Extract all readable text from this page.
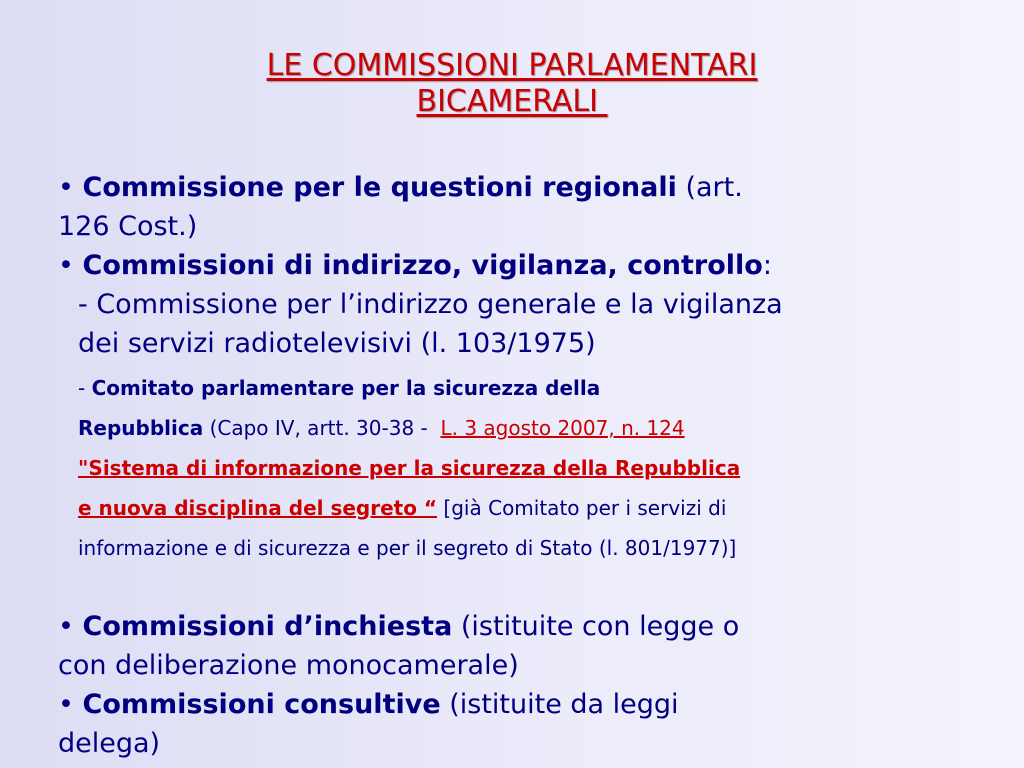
LE COMMISSIONI PARLAMENTARI
BICAMERALI
• Commissione per le questioni regionali (art.
126 Cost.)
• Commissioni di indirizzo, vigilanza, controllo:
- Commissione per l’indirizzo generale e la vigilanza
dei servizi radiotelevisivi (l. 103/1975)
- Comitato parlamentare per la sicurezza della
Repubblica (Capo IV, artt. 30-38 -  L. 3 agosto 2007, n. 124
"Sistema di informazione per la sicurezza della Repubblica
e nuova disciplina del segreto “ [già Comitato per i servizi di
informazione e di sicurezza e per il segreto di Stato (l. 801/1977)]
• Commissioni d’inchiesta (istituite con legge o
con deliberazione monocamerale)
• Commissioni consultive (istituite da leggi
delega)
